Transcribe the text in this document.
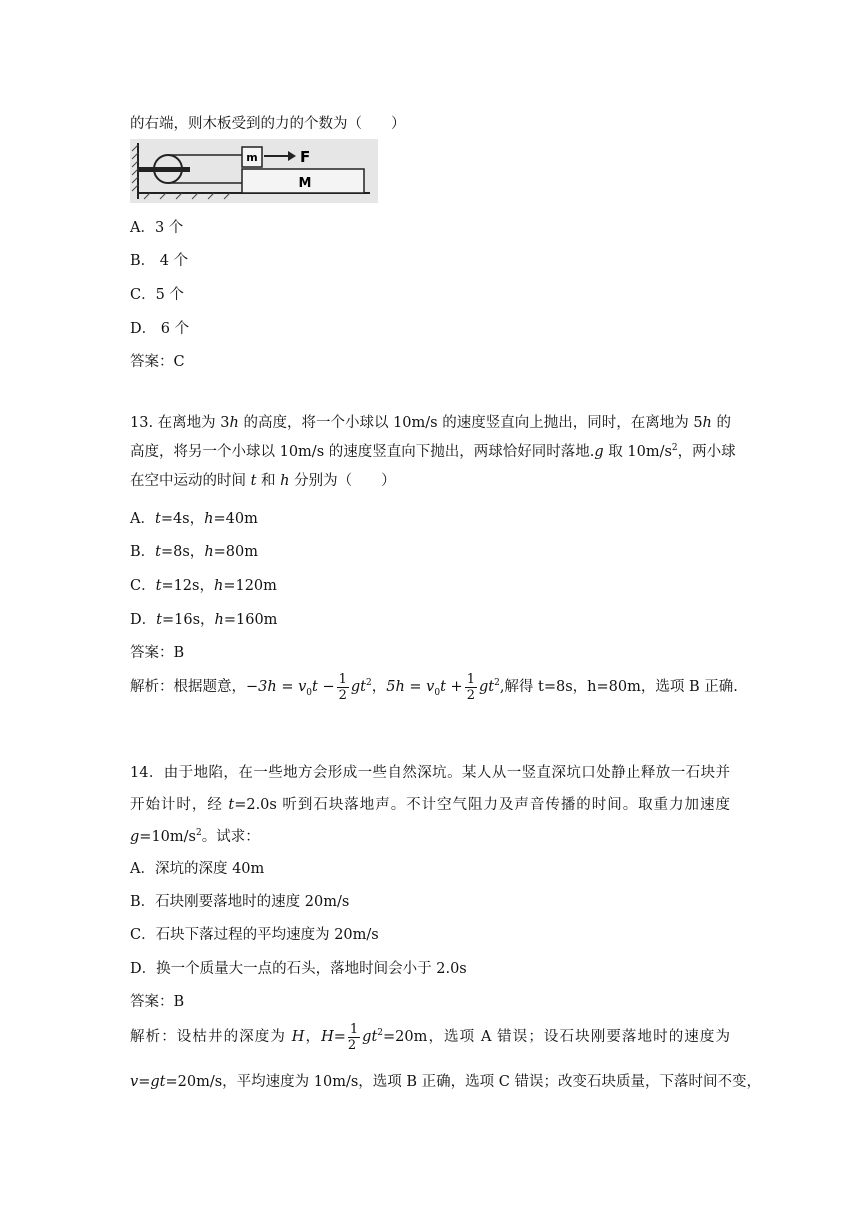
的右端，则木板受到的力的个数为（　　）
m	F
M
A．3 个
B． 4 个
C．5 个
D． 6 个
答案：C
13. 在离地为 3h 的高度，将一个小球以 10m/s 的速度竖直向上抛出，同时，在离地为 5h 的
高度，将另一个小球以 10m/s 的速度竖直向下抛出，两球恰好同时落地.g 取 $10m/s^2$，两小球
在空中运动的时间 t 和 h 分别为（　　）
A．t=4s，h=40m
B．t=8s，h=80m
C．t=12s，h=120m
D．t=16s，h=160m
答案：B
解析：根据题意，$-3h = v_0t - \frac{1}{2} gt^2$，$5h = v_0t + \frac{1}{2} gt^2$,解得 t=8s，h=80m，选项 B 正确.
14．由于地陷，在一些地方会形成一些自然深坑。某人从一竖直深坑口处静止释放一石块并
开始计时，经 t=2.0s 听到石块落地声。不计空气阻力及声音传播的时间。取重力加速度
$g=10m/s^2$。试求：
A．深坑的深度 40m
B．石块刚要落地时的速度 20m/s
C．石块下落过程的平均速度为 20m/s
D．换一个质量大一点的石头，落地时间会小于 2.0s
答案：B
解析：设枯井的深度为 H，$H= \frac{1}{2} gt^2=20m$，选项 A 错误；设石块刚要落地时的速度为
v=gt=20m/s，平均速度为 10m/s，选项 B 正确，选项 C 错误；改变石块质量，下落时间不变，
